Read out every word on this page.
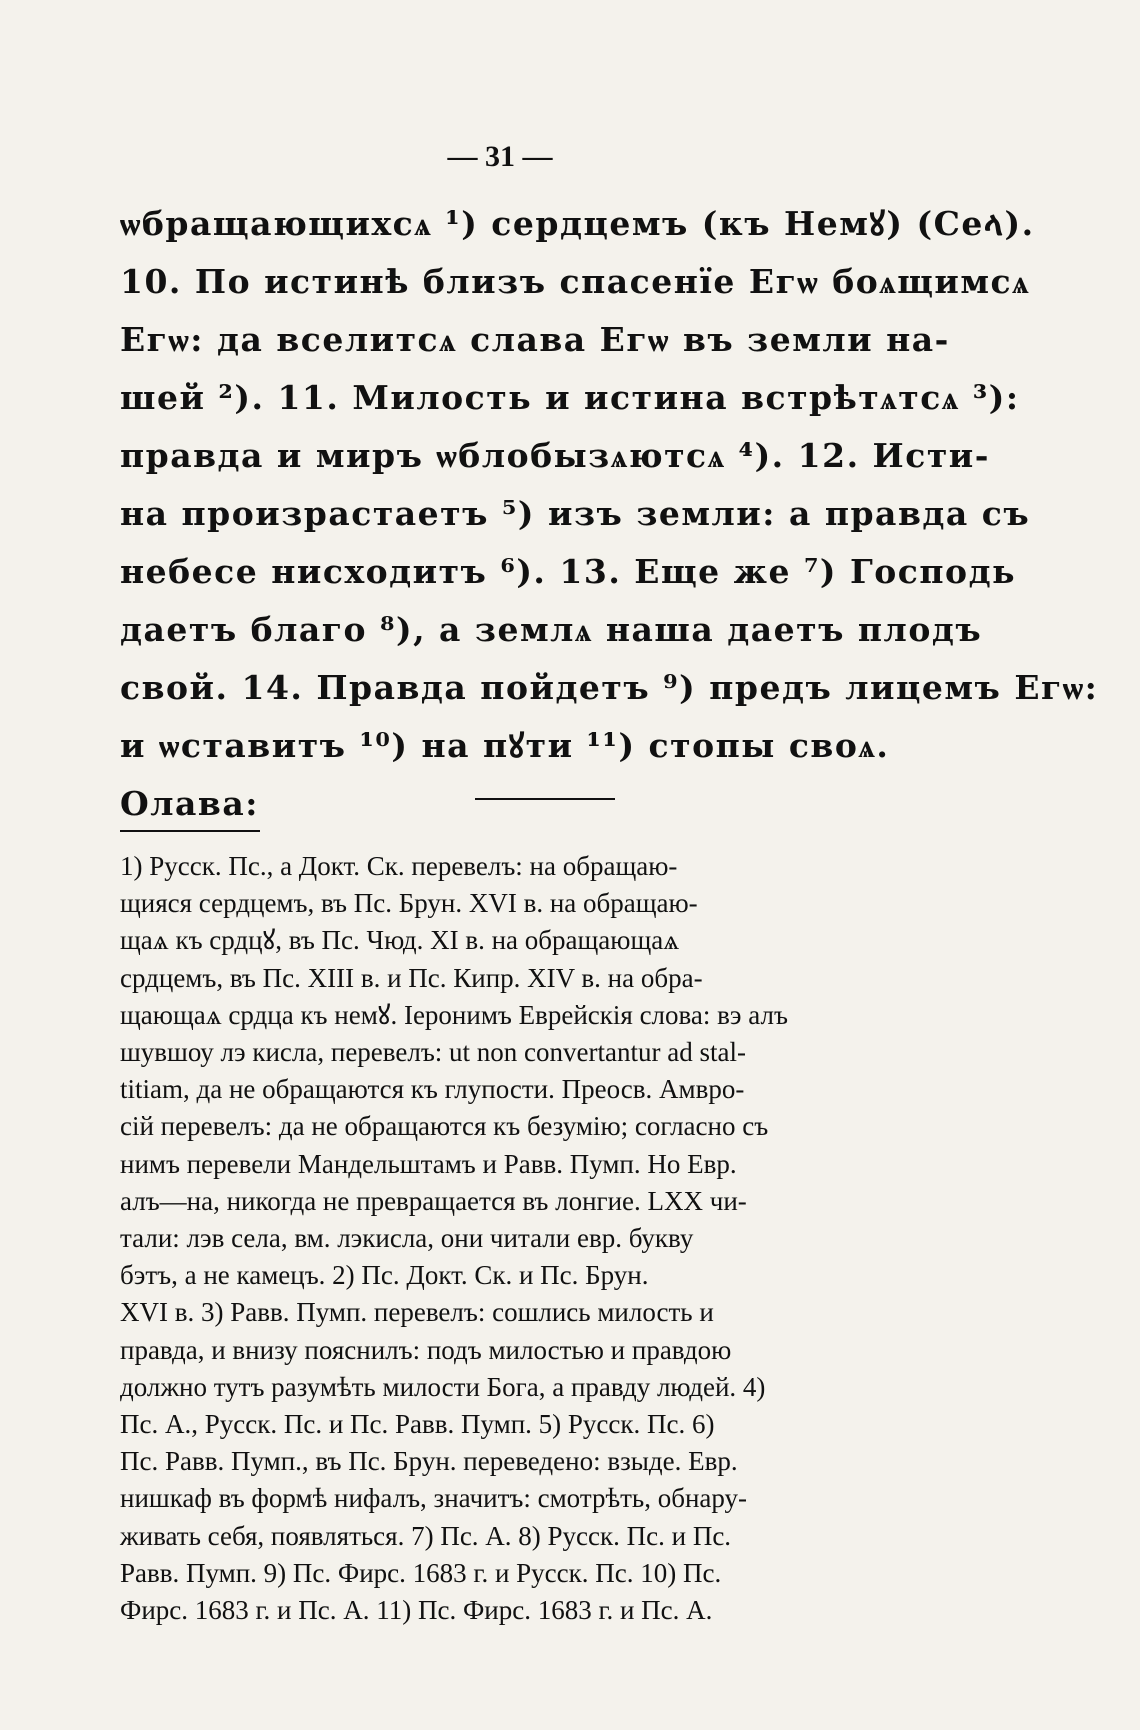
— 31 —
ѡбращающихсѧ ¹) сердцемъ (къ Немꙋ) (Сеላ).
10. По истинѣ близъ спасенїе Егѡ боѧщимсѧ
Егѡ: да вселитсѧ слава Егѡ въ земли на-
шей ²). 11. Милость и истина встрѣтѧтсѧ ³):
правда и миръ ѡблобызѧютсѧ ⁴). 12. Исти-
на произрастаетъ ⁵) изъ земли: а правда съ
небесе нисходитъ ⁶). 13. Еще же ⁷) Господь
даетъ благо ⁸), а землѧ наша даетъ плодъ
свой. 14. Правда пойдетъ ⁹) предъ лицемъ Егѡ:
и ѡставитъ ¹⁰) на пꙋти ¹¹) стопы своѧ.
Олава:
1) Русск. Пс., а Докт. Ск. перевелъ: на обращаю-
щияся сердцемъ, въ Пс. Брун. XVI в. на обращаю-
щаѧ къ срдцꙋ, въ Пс. Чюд. XI в. на обращающаѧ
срдцемъ, въ Пс. XIII в. и Пс. Кипр. XIV в. на обра-
щающаѧ срдца къ немꙋ. Іеронимъ Еврейскія слова: вэ алъ
шувшоу лэ кисла, перевелъ: ut non convertantur ad stal-
titiam, да не обращаются къ глупости. Преосв. Амвро-
сій перевелъ: да не обращаются къ безумію; согласно съ
нимъ перевели Мандельштамъ и Равв. Пумп. Но Евр.
алъ—на, никогда не превращается въ лонгие. LXX чи-
тали: лэв села, вм. лэкисла, они читали евр. букву
бэтъ, а не камецъ. 2) Пс. Докт. Ск. и Пс. Брун.
XVI в. 3) Равв. Пумп. перевелъ: сошлись милость и
правда, и внизу пояснилъ: подъ милостью и правдою
должно тутъ разумѣть милости Бога, а правду людей. 4)
Пс. А., Русск. Пс. и Пс. Равв. Пумп. 5) Русск. Пс. 6)
Пс. Равв. Пумп., въ Пс. Брун. переведено: взыде. Евр.
нишкаф въ формѣ нифалъ, значитъ: смотрѣть, обнару-
живать себя, появляться. 7) Пс. А. 8) Русск. Пс. и Пс.
Равв. Пумп. 9) Пс. Фирс. 1683 г. и Русск. Пс. 10) Пс.
Фирс. 1683 г. и Пс. А. 11) Пс. Фирс. 1683 г. и Пс. А.
